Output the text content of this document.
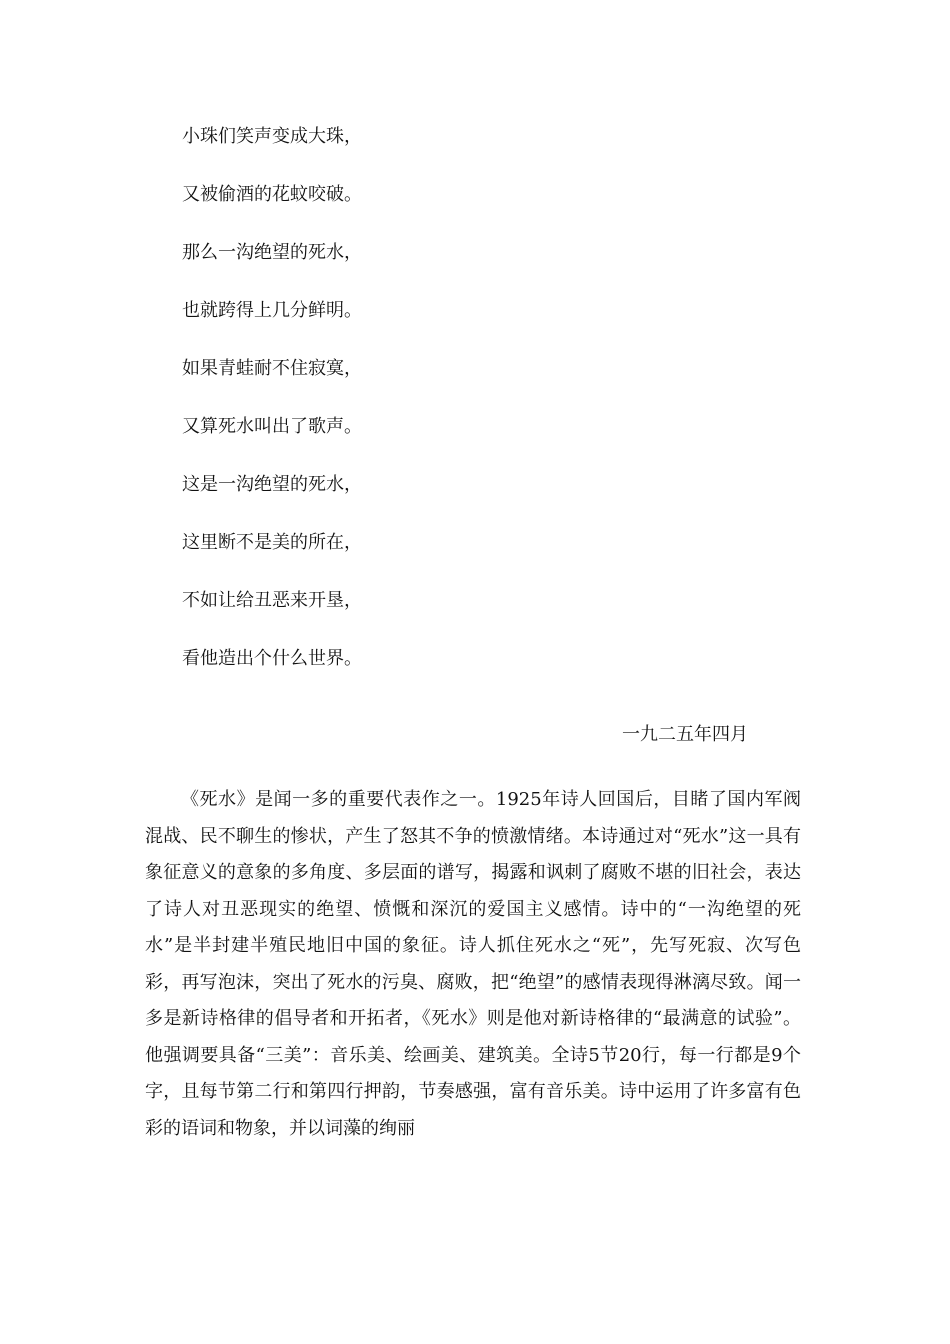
小珠们笑声变成大珠，
又被偷酒的花蚊咬破。
那么一沟绝望的死水，
也就跨得上几分鲜明。
如果青蛙耐不住寂寞，
又算死水叫出了歌声。
这是一沟绝望的死水，
这里断不是美的所在，
不如让给丑恶来开垦，
看他造出个什么世界。
一九二五年四月

《死水》是闻一多的重要代表作之一。1925年诗人回国后，目睹了国内军阀混战、民不聊生的惨状，产生了怒其不争的愤激情绪。本诗通过对“死水”这一具有象征意义的意象的多角度、多层面的谱写，揭露和讽刺了腐败不堪的旧社会，表达了诗人对丑恶现实的绝望、愤慨和深沉的爱国主义感情。诗中的“一沟绝望的死水”是半封建半殖民地旧中国的象征。诗人抓住死水之“死”，先写死寂、次写色彩，再写泡沫，突出了死水的污臭、腐败，把“绝望”的感情表现得淋漓尽致。闻一多是新诗格律的倡导者和开拓者，《死水》则是他对新诗格律的“最满意的试验”。他强调要具备“三美”：音乐美、绘画美、建筑美。全诗5节20行，每一行都是9个字，且每节第二行和第四行押韵，节奏感强，富有音乐美。诗中运用了许多富有色彩的语词和物象，并以词藻的绚丽
